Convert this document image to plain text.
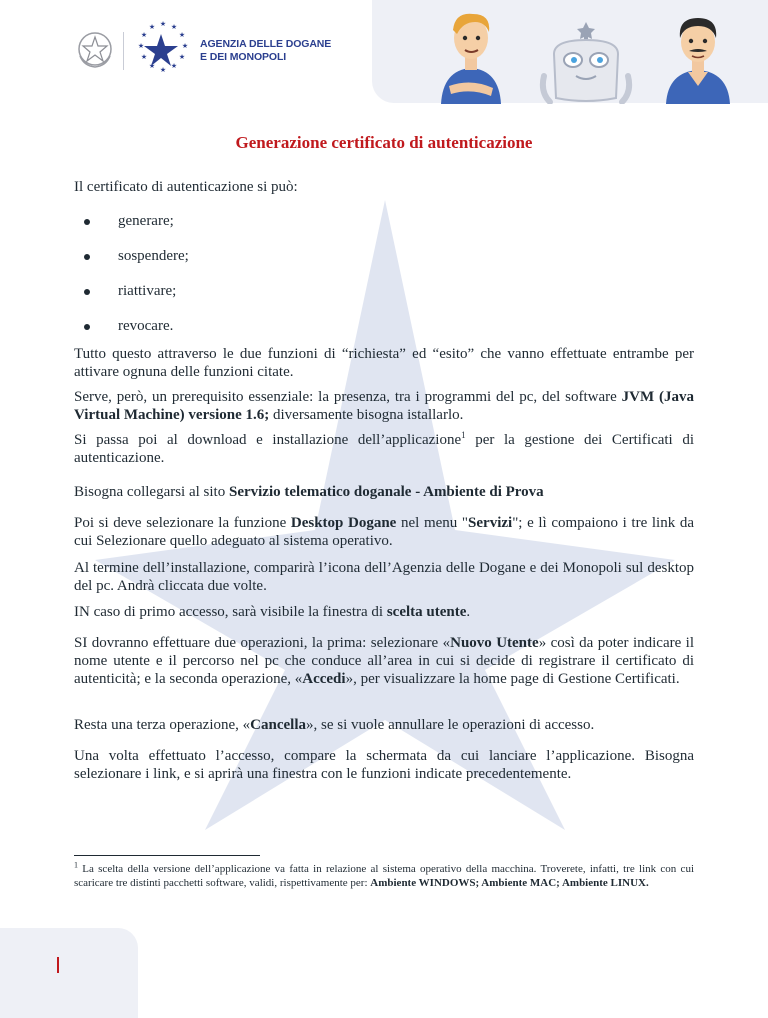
★ ★
★
★
★
★
★
★
★
★
★
★
AGENZIA DELLE DOGANE
E DEI MONOPOLI
Generazione certificato di autenticazione

Il certificato di autenticazione si può:

generare;
sospendere;
riattivare;
revocare.

Tutto questo attraverso le due funzioni di “richiesta” ed “esito” che vanno effettuate entrambe per attivare ognuna delle funzioni citate.

Serve, però, un prerequisito essenziale: la presenza, tra i programmi del pc, del software JVM (Java Virtual Machine) versione 1.6; diversamente bisogna istallarlo.

Si passa poi al download e installazione dell’applicazione$^1$ per la gestione dei Certificati di autenticazione.

Bisogna collegarsi al sito Servizio telematico doganale - Ambiente di Prova

Poi si deve selezionare la funzione Desktop Dogane nel menu "Servizi"; e lì compaiono i tre link da cui Selezionare quello adeguato al sistema operativo.

Al termine dell’installazione, comparirà l’icona dell’Agenzia delle Dogane e dei Monopoli sul desktop del pc. Andrà cliccata due volte.

IN caso di primo accesso, sarà visibile la finestra di scelta utente.

SI dovranno effettuare due operazioni, la prima: selezionare «Nuovo Utente» così da poter indicare il nome utente e il percorso nel pc che conduce all’area in cui si decide di registrare il certificato di autenticità; e la seconda operazione, «Accedi», per visualizzare la home page di Gestione Certificati.

Resta una terza operazione, «Cancella», se si vuole annullare le operazioni di accesso.

Una volta effettuato l’accesso, compare la schermata da cui lanciare l’applicazione. Bisogna selezionare i link, e si aprirà una finestra con le funzioni indicate precedentemente.

$^1$ La scelta della versione dell’applicazione va fatta in relazione al sistema operativo della macchina. Troverete, infatti, tre link con cui scaricare tre distinti pacchetti software, validi, rispettivamente per: Ambiente WINDOWS; Ambiente MAC; Ambiente LINUX.
